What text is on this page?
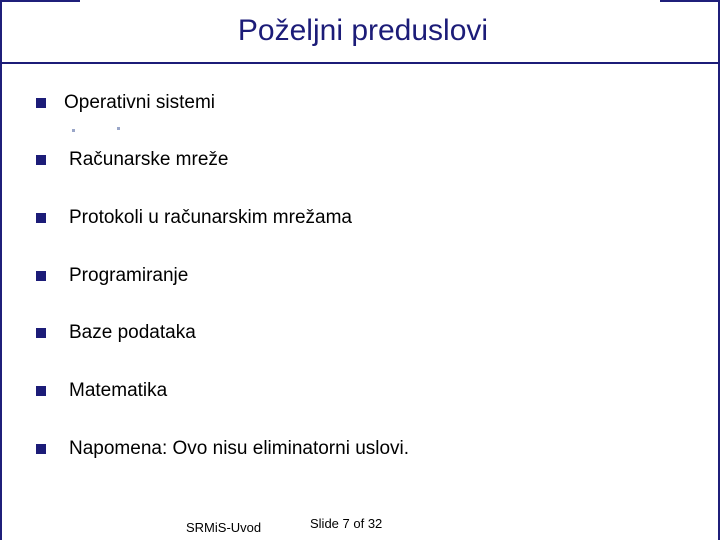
Poželjni preduslovi
Operativni sistemi
Računarske mreže
Protokoli u računarskim mrežama
Programiranje
Baze podataka
Matematika
Napomena: Ovo nisu eliminatorni uslovi.
SRMiS-Uvod	Slide 7 of 32
